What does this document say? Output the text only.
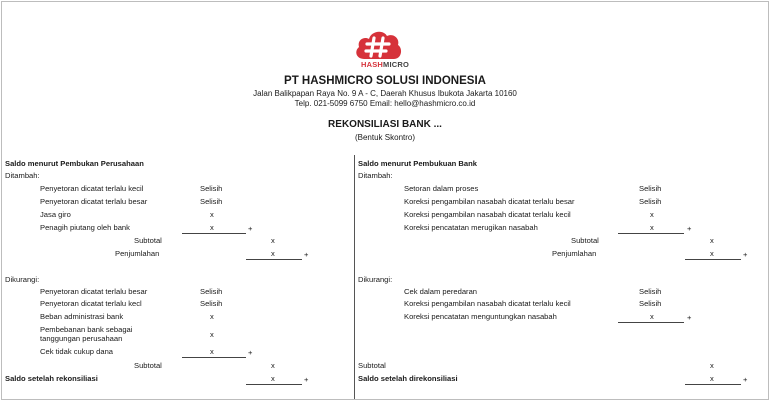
HASHMICRO
PT HASHMICRO SOLUSI INDONESIA
Jalan Balikpapan Raya No. 9 A - C, Daerah Khusus Ibukota Jakarta 10160
Telp. 021-5099 6750 Email: hello@hashmicro.co.id
REKONSILIASI BANK ...
(Bentuk Skontro)
Saldo menurut Pembukan Perusahaan
Ditambah:
Penyetoran dicatat terlalu kecil	Selisih
Penyetoran dicatat terlalu besar	Selisih
Jasa giro	x
Penagih piutang oleh bank	x	+
Subtotal	x
Penjumlahan	x	+
Dikurangi:
Penyetoran dicatat terlalu besar	Selisih
Penyetoran dicatat terlalu kecl	Selisih
Beban administrasi bank	x
Pembebanan bank sebagai
tanggungan perusahaan	x
Cek tidak cukup dana	x	+
Subtotal	x
Saldo setelah rekonsiliasi	x	+
Saldo menurut Pembukuan Bank
Ditambah:
Setoran dalam proses	Selisih
Koreksi pengambilan nasabah dicatat terlalu besar	Selisih
Koreksi pengambilan nasabah dicatat terlalu kecil	x
Koreksi pencatatan merugikan nasabah	x	+
Subtotal	x
Penjumlahan	x	+
Dikurangi:
Cek dalam peredaran	Selisih
Koreksi pengambilan nasabah dicatat terlalu kecil	Selisih
Koreksi pencatatan menguntungkan nasabah	x	+
Subtotal	x
Saldo setelah direkonsiliasi	x	+
